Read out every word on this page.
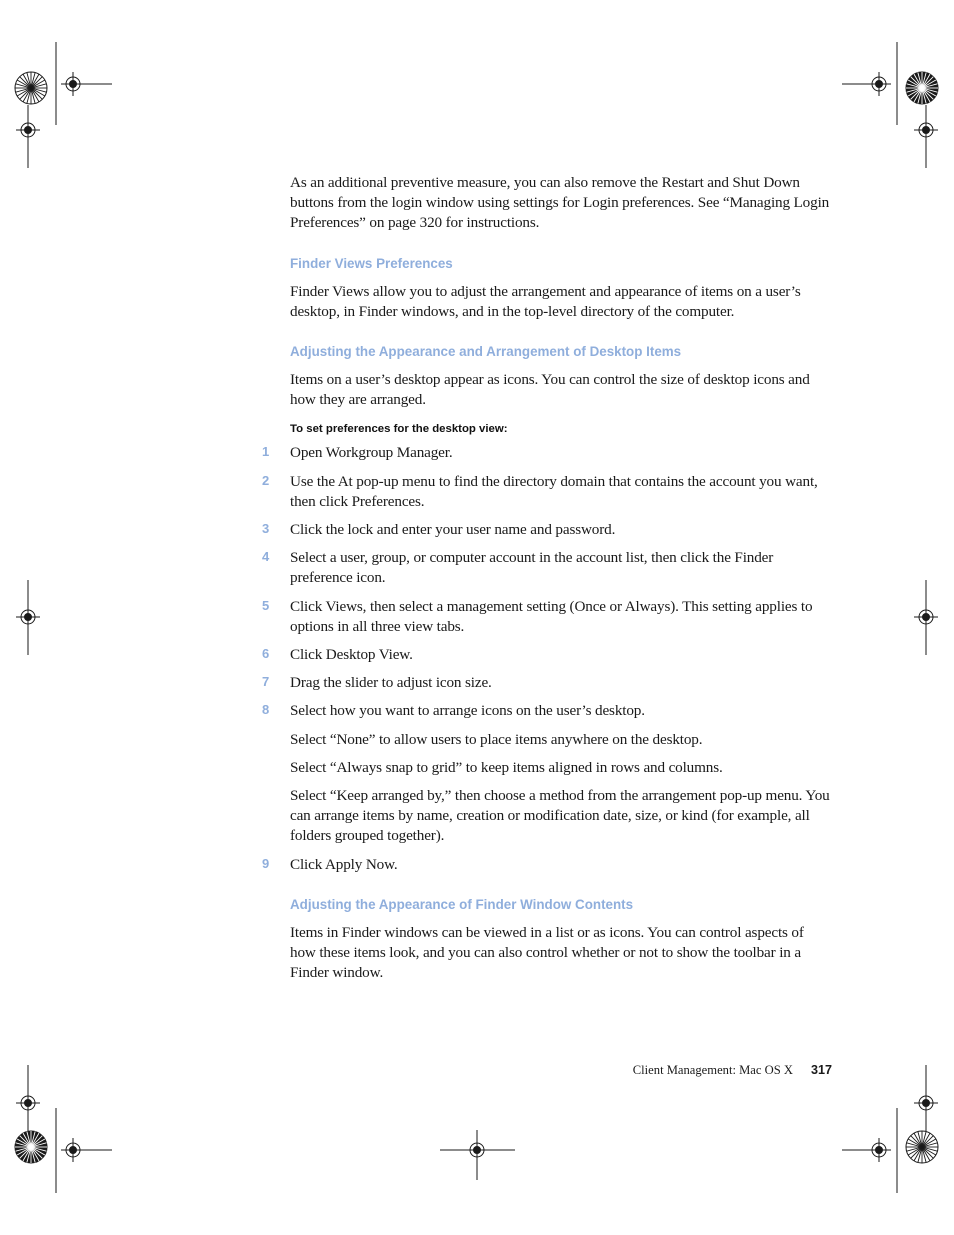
As an additional preventive measure, you can also remove the Restart and Shut Down buttons from the login window using settings for Login preferences. See “Managing Login Preferences” on page 320 for instructions.

Finder Views Preferences

Finder Views allow you to adjust the arrangement and appearance of items on a user’s desktop, in Finder windows, and in the top-level directory of the computer.

Adjusting the Appearance and Arrangement of Desktop Items

Items on a user’s desktop appear as icons. You can control the size of desktop icons and how they are arranged.

To set preferences for the desktop view:
1 Open Workgroup Manager.

2 Use the At pop-up menu to find the directory domain that contains the account you want, then click Preferences.

3 Click the lock and enter your user name and password.

4 Select a user, group, or computer account in the account list, then click the Finder preference icon.

5 Click Views, then select a management setting (Once or Always). This setting applies to options in all three view tabs.

6 Click Desktop View.

7 Drag the slider to adjust icon size.

8 Select how you want to arrange icons on the user’s desktop.

Select “None” to allow users to place items anywhere on the desktop.

Select “Always snap to grid” to keep items aligned in rows and columns.

Select “Keep arranged by,” then choose a method from the arrangement pop-up menu. You can arrange items by name, creation or modification date, size, or kind (for example, all folders grouped together).

9 Click Apply Now.

Adjusting the Appearance of Finder Window Contents

Items in Finder windows can be viewed in a list or as icons. You can control aspects of how these items look, and you can also control whether or not to show the toolbar in a Finder window.

Client Management: Mac OS X 317
